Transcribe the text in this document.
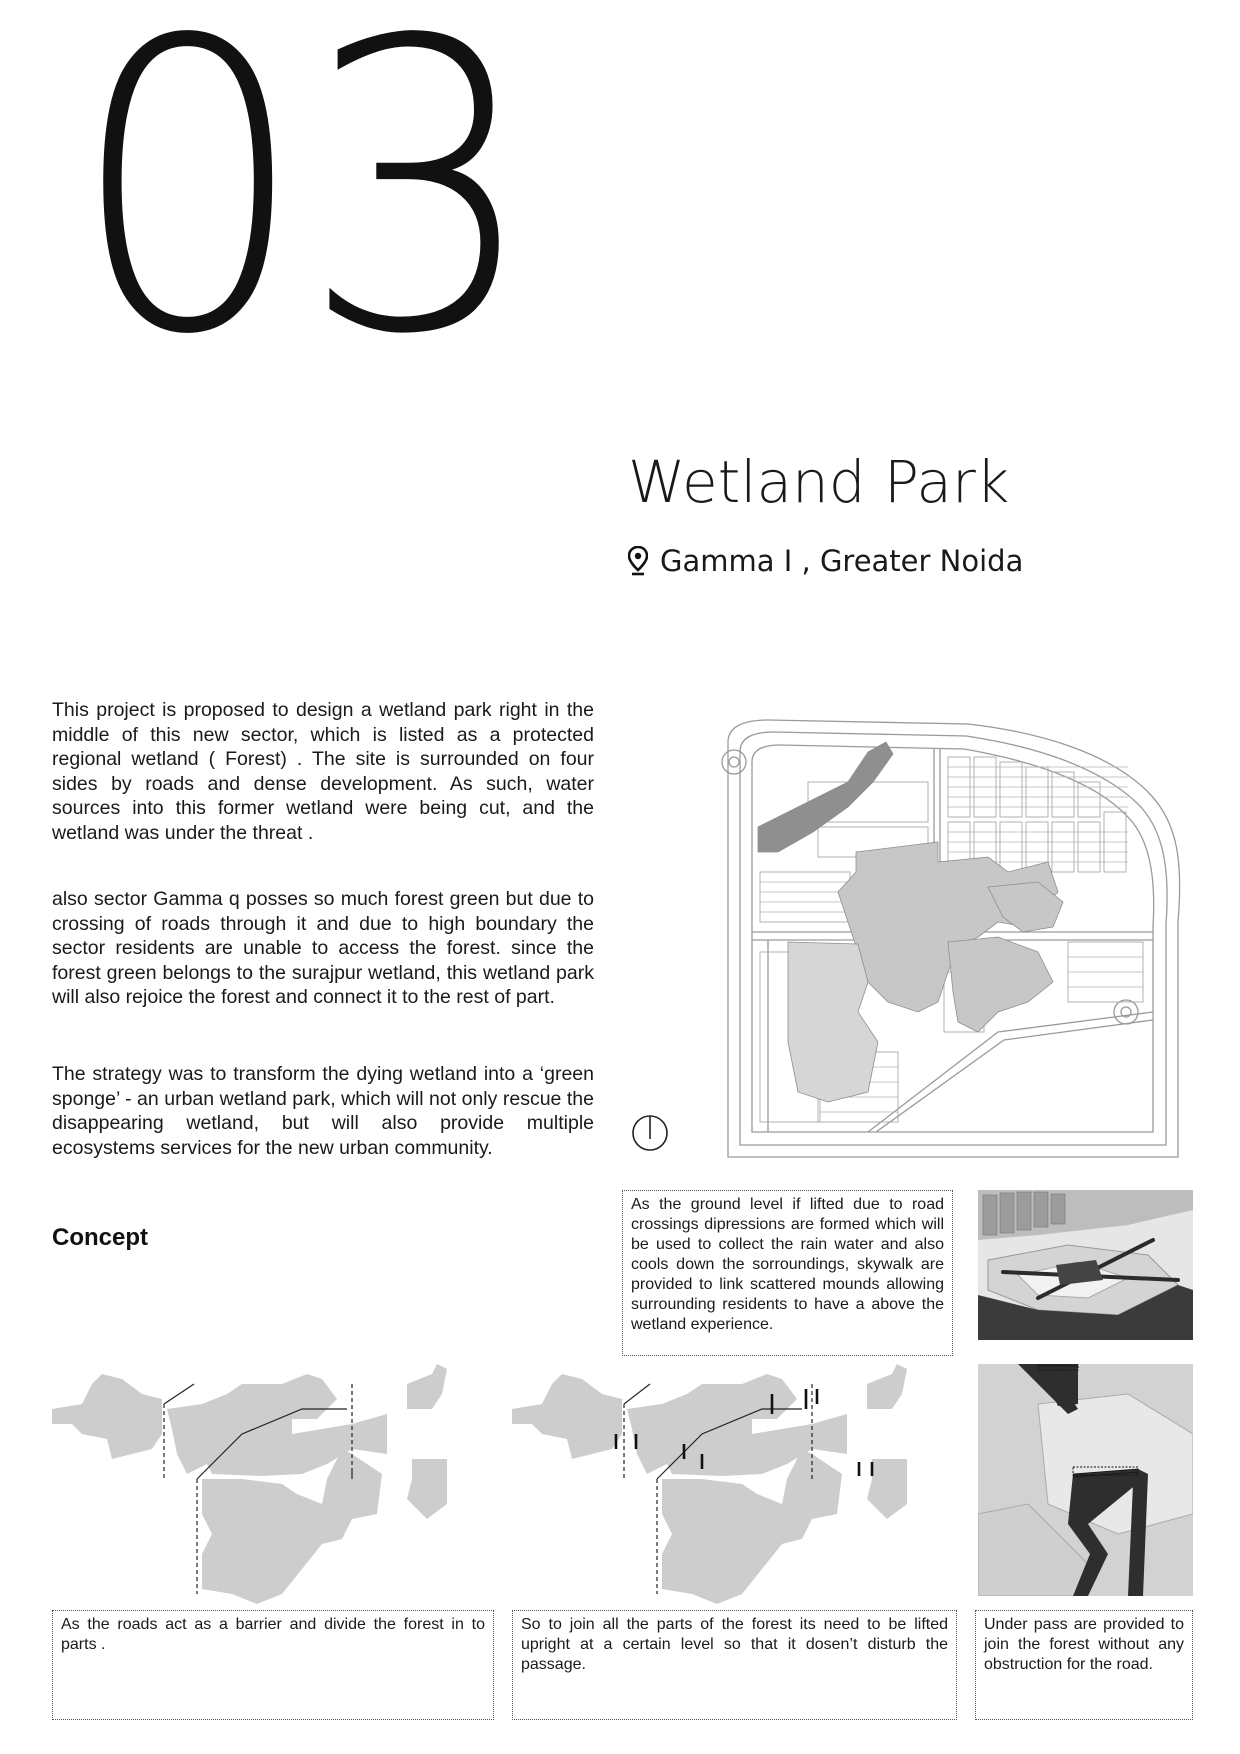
03
Wetland Park
Gamma I , Greater Noida

This project is proposed to design a wetland park right in the middle of this new sector, which is listed as a protected regional wetland ( Forest) . The site is surrounded on four sides by roads and dense development. As such, water sources into this former wetland were being cut, and the wetland was under the threat .

also sector Gamma q posses so much forest green but due to crossing of roads through it and due to high boundary the sector residents are unable to access the forest. since the forest green belongs to the surajpur wetland, this wetland park will also rejoice the forest and connect it to the rest of part.

The strategy was to transform the dying wetland into a ‘green sponge’ - an urban wetland park, which will not only rescue the disappearing wetland, but will also provide multiple ecosystems services for the new urban community.

Concept
As the ground level if lifted due to road crossings dipressions are formed which will be used to collect the rain water and also cools down the sorroundings, skywalk are provided to link scattered mounds allowing surrounding residents to have a above the wetland experience.
As the roads act as a barrier and divide the forest in to parts .
So to join all the parts of the forest its need to be lifted upright at a certain level so that it dosen’t disturb the passage.
Under pass are provided to join the forest without any obstruction for the road.
